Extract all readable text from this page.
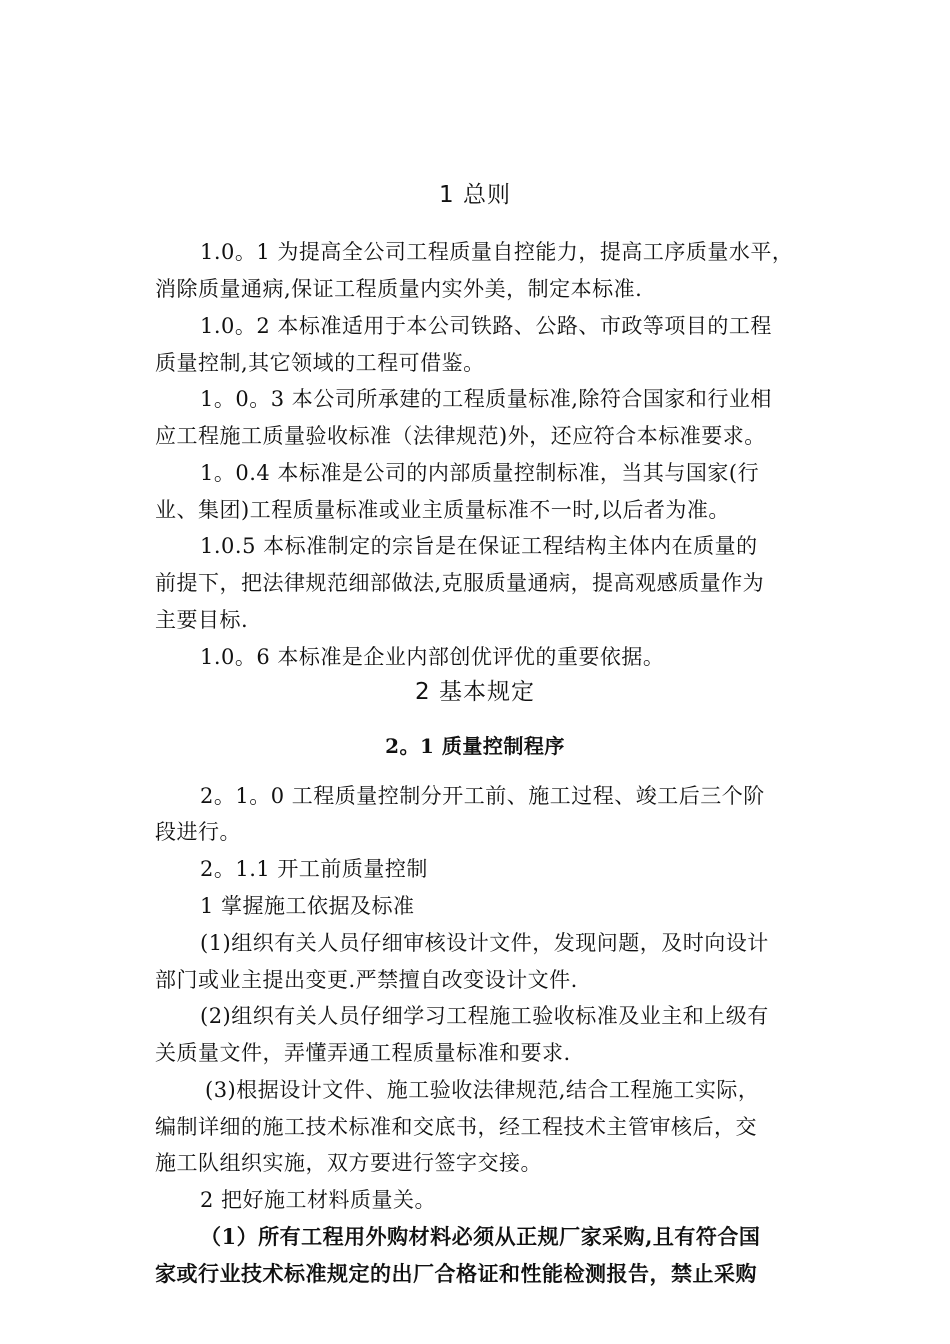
1 总则
1.0。1 为提高全公司工程质量自控能力，提高工序质量水平，
消除质量通病,保证工程质量内实外美，制定本标准.
1.0。2 本标准适用于本公司铁路、公路、市政等项目的工程
质量控制,其它领域的工程可借鉴。
1。0。3 本公司所承建的工程质量标准,除符合国家和行业相
应工程施工质量验收标准（法律规范)外，还应符合本标准要求。
1。0.4 本标准是公司的内部质量控制标准，当其与国家(行
业、集团)工程质量标准或业主质量标准不一时,以后者为准。
1.0.5 本标准制定的宗旨是在保证工程结构主体内在质量的
前提下，把法律规范细部做法,克服质量通病，提高观感质量作为
主要目标.
1.0。6 本标准是企业内部创优评优的重要依据。
2 基本规定
2。1 质量控制程序
2。1。0 工程质量控制分开工前、施工过程、竣工后三个阶
段进行。
2。1.1 开工前质量控制
1 掌握施工依据及标准
(1)组织有关人员仔细审核设计文件，发现问题，及时向设计
部门或业主提出变更.严禁擅自改变设计文件.
(2)组织有关人员仔细学习工程施工验收标准及业主和上级有
关质量文件，弄懂弄通工程质量标准和要求.
(3)根据设计文件、施工验收法律规范,结合工程施工实际，
编制详细的施工技术标准和交底书，经工程技术主管审核后，交
施工队组织实施，双方要进行签字交接。
2 把好施工材料质量关。
（1）所有工程用外购材料必须从正规厂家采购,且有符合国
家或行业技术标准规定的出厂合格证和性能检测报告，禁止采购
